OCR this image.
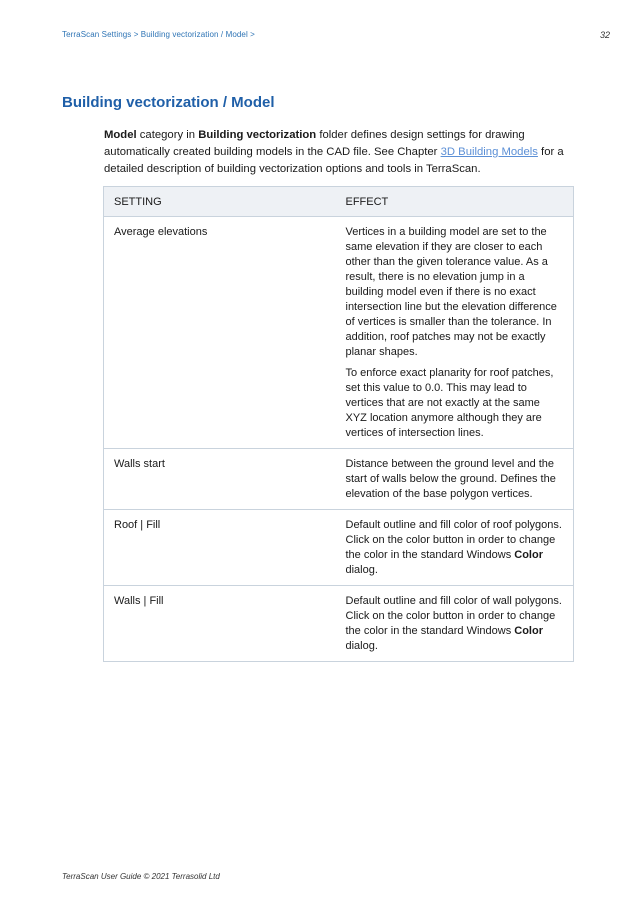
TerraScan Settings > Building vectorization / Model >	32
Building vectorization / Model

Model category in Building vectorization folder defines design settings for drawing automatically created building models in the CAD file. See Chapter 3D Building Models for a detailed description of building vectorization options and tools in TerraScan.

SETTING	EFFECT
Average elevations	Vertices in a building model are set to the same elevation if they are closer to each other than the given tolerance value. As a result, there is no elevation jump in a building model even if there is no exact intersection line but the elevation difference of vertices is smaller than the tolerance. In addition, roof patches may not be exactly planar shapes.

To enforce exact planarity for roof patches, set this value to 0.0. This may lead to vertices that are not exactly at the same XYZ location anymore although they are vertices of intersection lines.

Walls start	Distance between the ground level and the start of walls below the ground. Defines the elevation of the base polygon vertices.

Roof | Fill	Default outline and fill color of roof polygons. Click on the color button in order to change the color in the standard Windows Color dialog.
Walls | Fill	Default outline and fill color of wall polygons. Click on the color button in order to change the color in the standard Windows Color dialog.
TerraScan User Guide © 2021 Terrasolid Ltd
